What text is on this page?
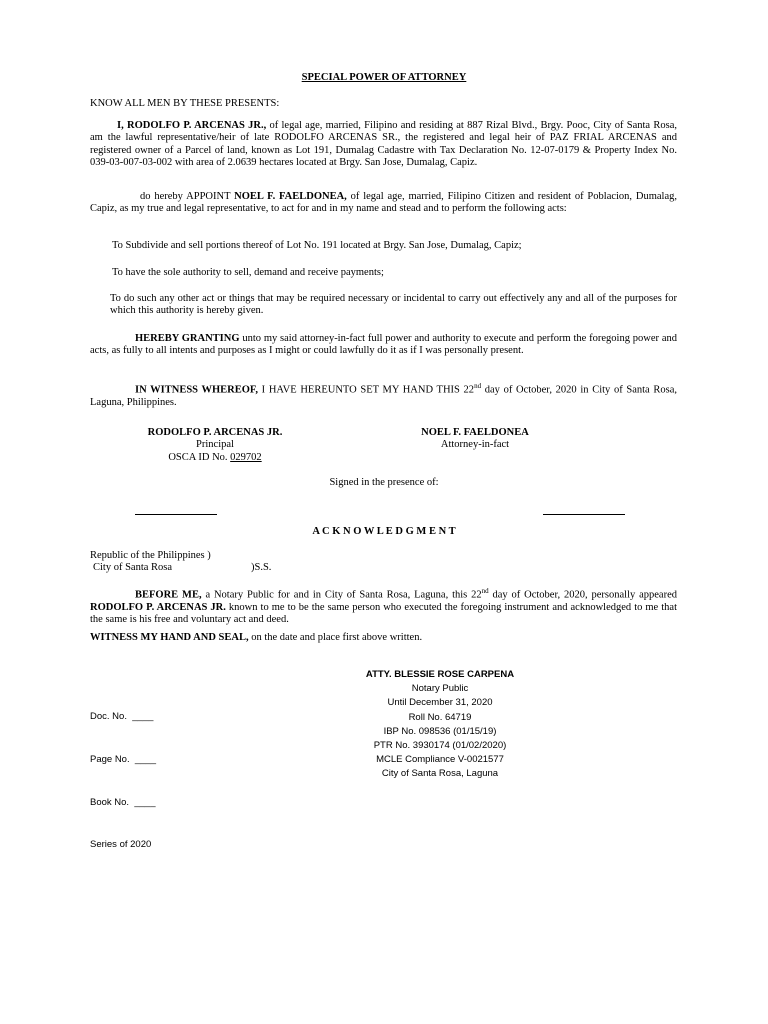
SPECIAL POWER OF ATTORNEY
KNOW ALL MEN BY THESE PRESENTS:
I, RODOLFO P. ARCENAS JR., of legal age, married, Filipino and residing at 887 Rizal Blvd., Brgy. Pooc, City of Santa Rosa, am the lawful representative/heir of late RODOLFO ARCENAS SR., the registered and legal heir of PAZ FRIAL ARCENAS and registered owner of a Parcel of land, known as Lot 191, Dumalag Cadastre with Tax Declaration No. 12-07-0179 & Property Index No. 039-03-007-03-002 with area of 2.0639 hectares located at Brgy. San Jose, Dumalag, Capiz.
do hereby APPOINT NOEL F. FAELDONEA, of legal age, married, Filipino Citizen and resident of Poblacion, Dumalag, Capiz, as my true and legal representative, to act for and in my name and stead and to perform the following acts:
To Subdivide and sell portions thereof of Lot No. 191 located at Brgy. San Jose, Dumalag, Capiz;
To have the sole authority to sell, demand and receive payments;
To do such any other act or things that may be required necessary or incidental to carry out effectively any and all of the purposes for which this authority is hereby given.
HEREBY GRANTING unto my said attorney-in-fact full power and authority to execute and perform the foregoing power and acts, as fully to all intents and purposes as I might or could lawfully do it as if I was personally present.
IN WITNESS WHEREOF, I HAVE HEREUNTO SET MY HAND THIS 22nd day of October, 2020 in City of Santa Rosa, Laguna, Philippines.
RODOLFO P. ARCENAS JR.
Principal
OSCA ID No. 029702
NOEL F. FAELDONEA
Attorney-in-fact
Signed in the presence of:
A C K N O W L E D G M E N T
Republic of the Philippines )
City of Santa Rosa	)S.S.
BEFORE ME, a Notary Public for and in City of Santa Rosa, Laguna, this 22nd day of October, 2020, personally appeared RODOLFO P. ARCENAS JR. known to me to be the same person who executed the foregoing instrument and acknowledged to me that the same is his free and voluntary act and deed.
WITNESS MY HAND AND SEAL, on the date and place first above written.
ATTY. BLESSIE ROSE CARPENA
Notary Public
Until December 31, 2020
Roll No. 64719
IBP No. 098536 (01/15/19)
PTR No. 3930174 (01/02/2020)
MCLE Compliance V-0021577
City of Santa Rosa, Laguna

Doc. No.  ____

Page No.  ____

Book No.  ____

Series of 2020
